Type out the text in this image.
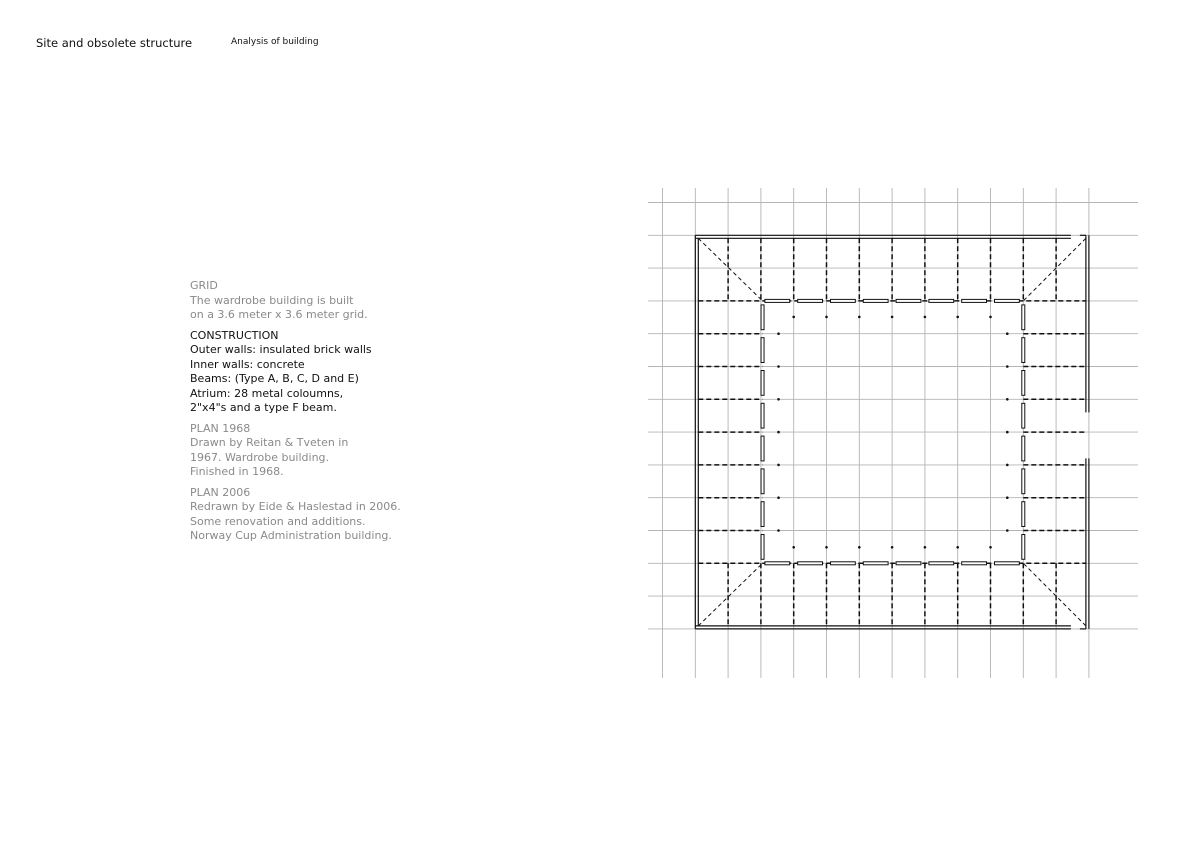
Site and obsolete structure	Analysis of building
GRID
The wardrobe building is built
on a 3.6 meter x 3.6 meter grid.
CONSTRUCTION
Outer walls: insulated brick walls
Inner walls: concrete
Beams: (Type A, B, C, D and E)
Atrium: 28 metal coloumns,
2"x4"s and a type F beam.
PLAN 1968
Drawn by Reitan & Tveten in
1967. Wardrobe building.
Finished in 1968.
PLAN 2006
Redrawn by Eide & Haslestad in 2006.
Some renovation and additions.
Norway Cup Administration building.
